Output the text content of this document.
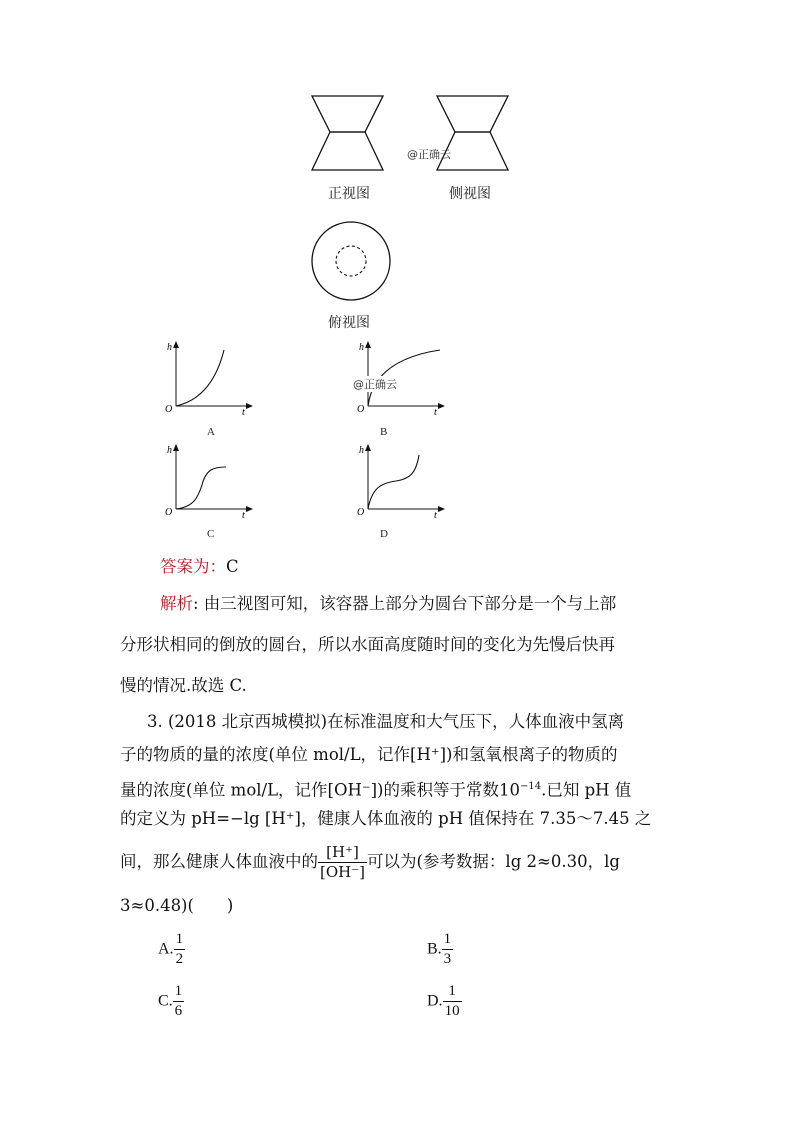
@正确云
正视图	侧视图
俯视图
h
O	t
A
h
O	t
@正确云
B
h
O	t
C
h
O	t
D
答案为：C
解析: 由三视图可知，该容器上部分为圆台下部分是一个与上部
分形状相同的倒放的圆台，所以水面高度随时间的变化为先慢后快再
慢的情况.故选 C.
3. (2018 北京西城模拟)在标准温度和大气压下，人体血液中氢离
子的物质的量的浓度(单位 mol/L，记作[H⁺])和氢氧根离子的物质的
量的浓度(单位 mol/L，记作[OH⁻])的乘积等于常数$10^{-14}$.已知 pH 值
的定义为 pH=−lg [H⁺]，健康人体血液的 pH 值保持在 7.35～7.45 之
间，那么健康人体血液中的 $\frac{[H^+]}{[OH^-]}$ 可以为(参考数据：lg 2≈0.30，lg
3≈0.48)(　　)
A. $\frac{1}{2}$	B. $\frac{1}{3}$
C. $\frac{1}{6}$	D. $\frac{1}{10}$
